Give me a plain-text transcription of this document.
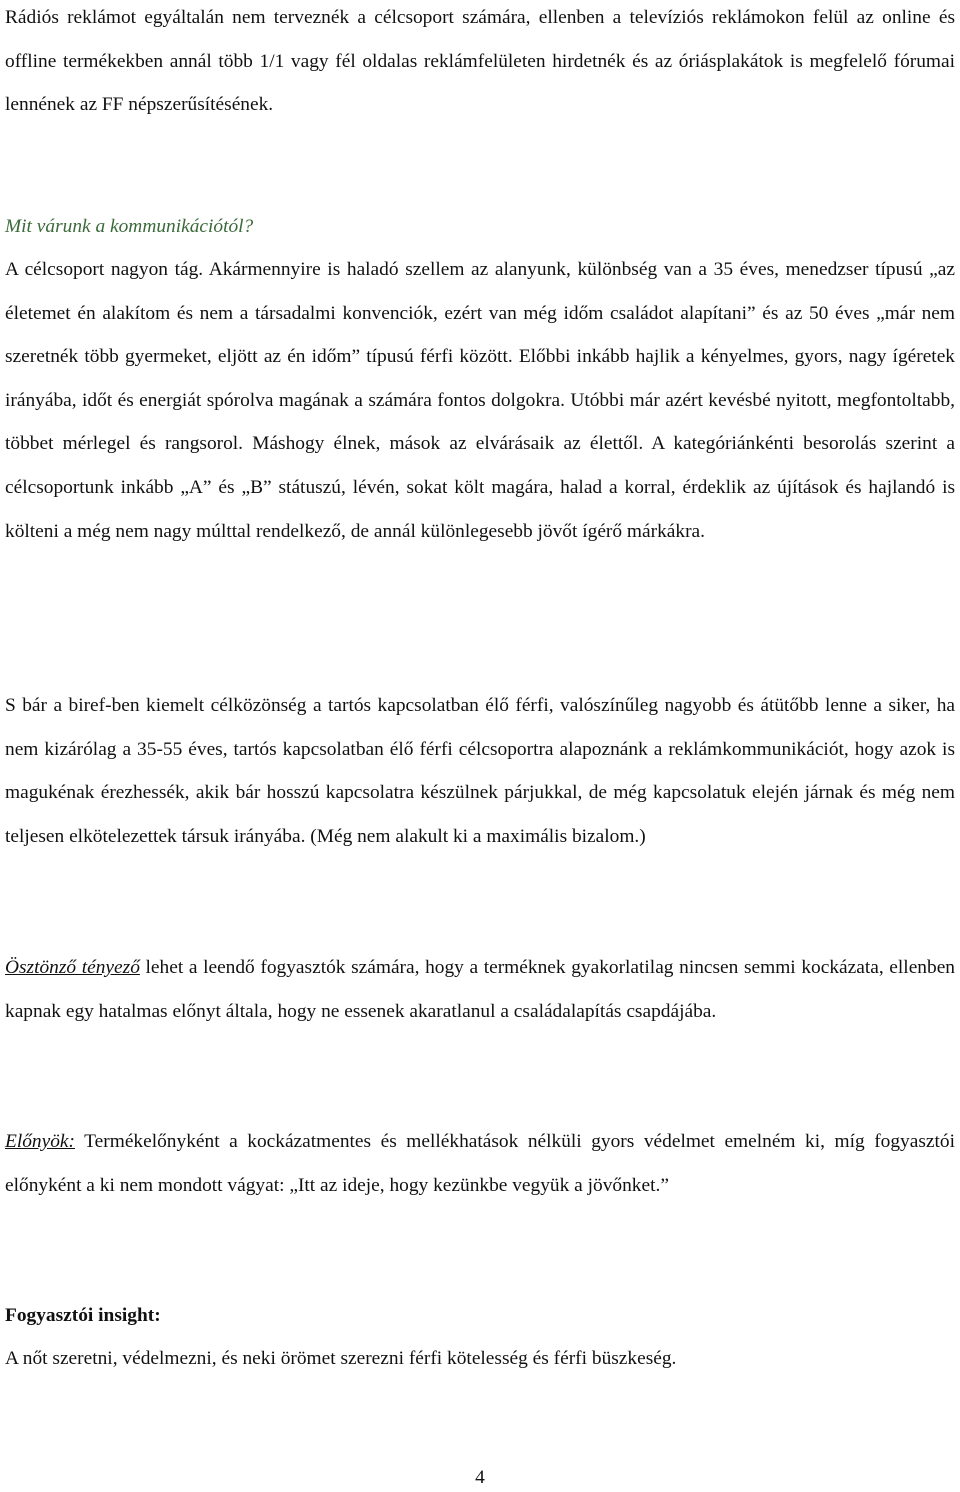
Rádiós reklámot egyáltalán nem terveznék a célcsoport számára, ellenben a televíziós reklámokon felül az online és offline termékekben annál több 1/1 vagy fél oldalas reklámfelületen hirdetnék és az óriásplakátok is megfelelő fórumai lennének az FF népszerűsítésének.

Mit várunk a kommunikációtól?

A célcsoport nagyon tág. Akármennyire is haladó szellem az alanyunk, különbség van a 35 éves, menedzser típusú „az életemet én alakítom és nem a társadalmi konvenciók, ezért van még időm családot alapítani” és az 50 éves „már nem szeretnék több gyermeket, eljött az én időm” típusú férfi között. Előbbi inkább hajlik a kényelmes, gyors, nagy ígéretek irányába, időt és energiát spórolva magának a számára fontos dolgokra. Utóbbi már azért kevésbé nyitott, megfontoltabb, többet mérlegel és rangsorol. Máshogy élnek, mások az elvárásaik az élettől. A kategóriánkénti besorolás szerint a célcsoportunk inkább „A” és „B” státuszú, lévén, sokat költ magára, halad a korral, érdeklik az újítások és hajlandó is költeni a még nem nagy múlttal rendelkező, de annál különlegesebb jövőt ígérő márkákra.

S bár a biref-ben kiemelt célközönség a tartós kapcsolatban élő férfi, valószínűleg nagyobb és átütőbb lenne a siker, ha nem kizárólag a 35-55 éves, tartós kapcsolatban élő férfi célcsoportra alapoznánk a reklámkommunikációt, hogy azok is magukénak érezhessék, akik bár hosszú kapcsolatra készülnek párjukkal, de még kapcsolatuk elején járnak és még nem teljesen elkötelezettek társuk irányába. (Még nem alakult ki a maximális bizalom.)

Ösztönző tényező lehet a leendő fogyasztók számára, hogy a terméknek gyakorlatilag nincsen semmi kockázata, ellenben kapnak egy hatalmas előnyt általa, hogy ne essenek akaratlanul a családalapítás csapdájába.

Előnyök: Termékelőnyként a kockázatmentes és mellékhatások nélküli gyors védelmet emelném ki, míg fogyasztói előnyként a ki nem mondott vágyat: „Itt az ideje, hogy kezünkbe vegyük a jövőnket.”

Fogyasztói insight:

A nőt szeretni, védelmezni, és neki örömet szerezni férfi kötelesség és férfi büszkeség.

4
